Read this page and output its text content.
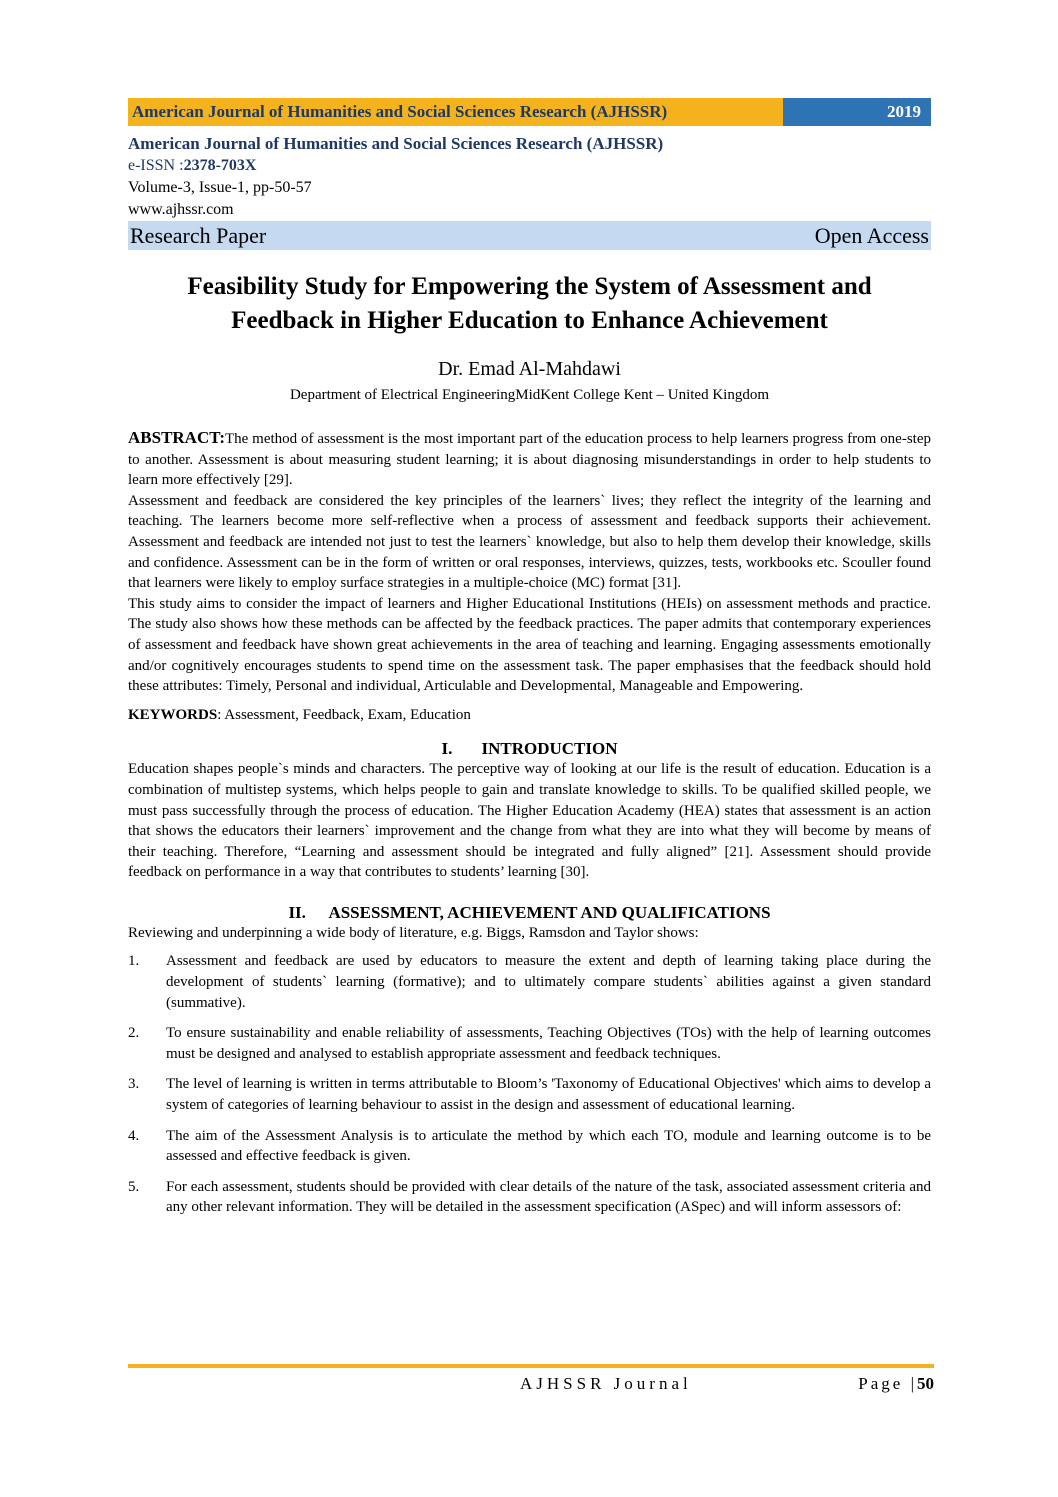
American Journal of Humanities and Social Sciences Research (AJHSSR)	2019
American Journal of Humanities and Social Sciences Research (AJHSSR)
e-ISSN :2378-703X
Volume-3, Issue-1, pp-50-57
www.ajhssr.com
Research Paper	Open Access
Feasibility Study for Empowering the System of Assessment and
Feedback in Higher Education to Enhance Achievement
Dr. Emad Al-Mahdawi
Department of Electrical EngineeringMidKent College Kent – United Kingdom

ABSTRACT:The method of assessment is the most important part of the education process to help learners progress from one-step to another. Assessment is about measuring student learning; it is about diagnosing misunderstandings in order to help students to learn more effectively [29].

Assessment and feedback are considered the key principles of the learners` lives; they reflect the integrity of the learning and teaching. The learners become more self-reflective when a process of assessment and feedback supports their achievement. Assessment and feedback are intended not just to test the learners` knowledge, but also to help them develop their knowledge, skills and confidence. Assessment can be in the form of written or oral responses, interviews, quizzes, tests, workbooks etc. Scouller found that learners were likely to employ surface strategies in a multiple-choice (MC) format [31].

This study aims to consider the impact of learners and Higher Educational Institutions (HEIs) on assessment methods and practice. The study also shows how these methods can be affected by the feedback practices. The paper admits that contemporary experiences of assessment and feedback have shown great achievements in the area of teaching and learning. Engaging assessments emotionally and/or cognitively encourages students to spend time on the assessment task. The paper emphasises that the feedback should hold these attributes: Timely, Personal and individual, Articulable and Developmental, Manageable and Empowering.

KEYWORDS: Assessment, Feedback, Exam, Education
I. INTRODUCTION

Education shapes people`s minds and characters. The perceptive way of looking at our life is the result of education. Education is a combination of multistep systems, which helps people to gain and translate knowledge to skills. To be qualified skilled people, we must pass successfully through the process of education. The Higher Education Academy (HEA) states that assessment is an action that shows the educators their learners` improvement and the change from what they are into what they will become by means of their teaching. Therefore, “Learning and assessment should be integrated and fully aligned” [21]. Assessment should provide feedback on performance in a way that contributes to students’ learning [30].

II. ASSESSMENT, ACHIEVEMENT AND QUALIFICATIONS

Reviewing and underpinning a wide body of literature, e.g. Biggs, Ramsdon and Taylor shows:

1.	Assessment and feedback are used by educators to measure the extent and depth of learning taking place during the development of students` learning (formative); and to ultimately compare students` abilities against a given standard (summative).
2.	To ensure sustainability and enable reliability of assessments, Teaching Objectives (TOs) with the help of learning outcomes must be designed and analysed to establish appropriate assessment and feedback techniques.
3.	The level of learning is written in terms attributable to Bloom’s 'Taxonomy of Educational Objectives' which aims to develop a system of categories of learning behaviour to assist in the design and assessment of educational learning.
4.	The aim of the Assessment Analysis is to articulate the method by which each TO, module and learning outcome is to be assessed and effective feedback is given.
5.	For each assessment, students should be provided with clear details of the nature of the task, associated assessment criteria and any other relevant information. They will be detailed in the assessment specification (ASpec) and will inform assessors of:
AJHSSR Journal	Page |50
